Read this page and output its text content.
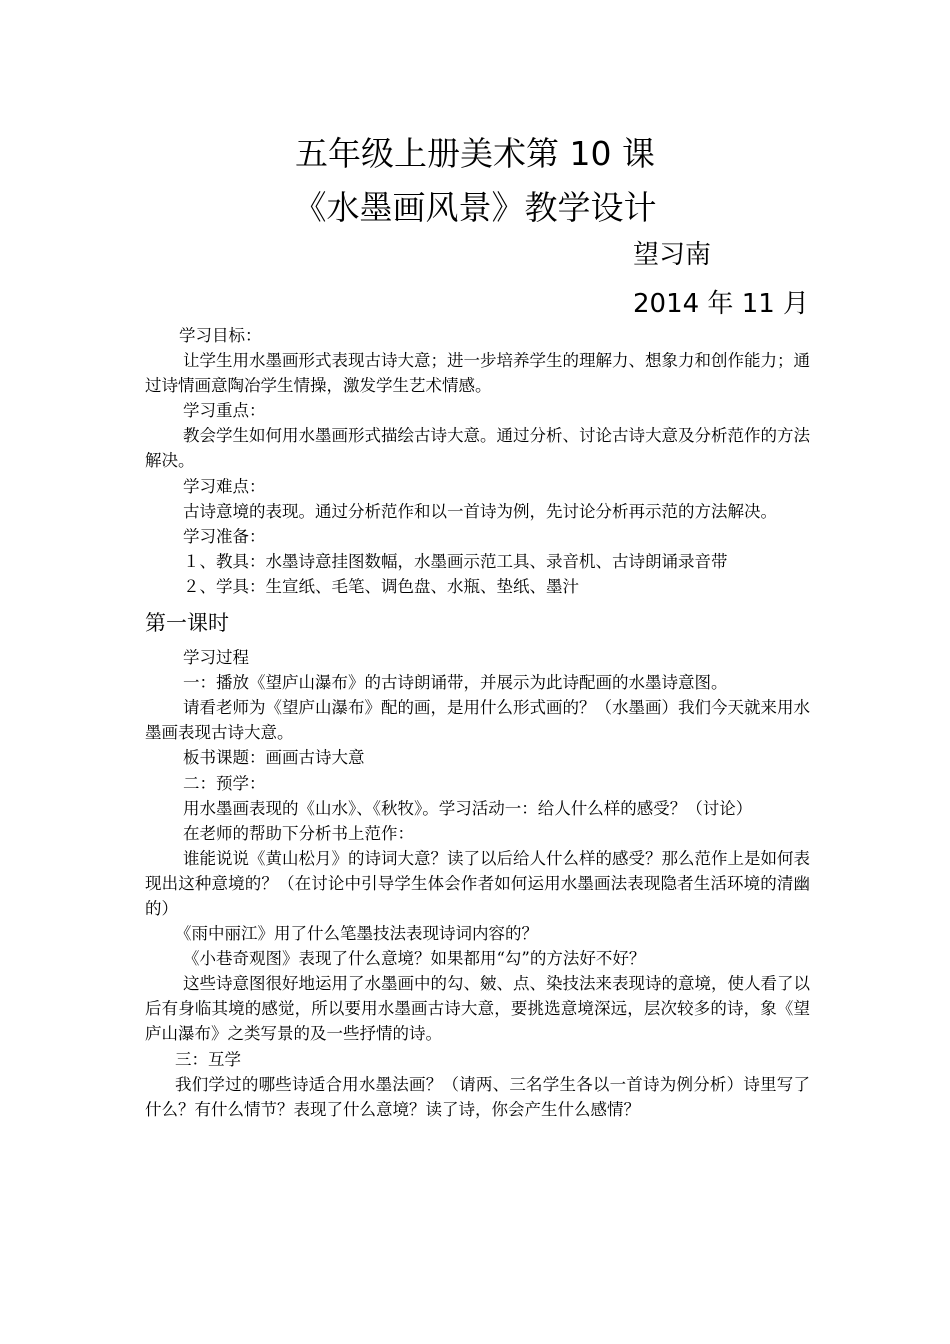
五年级上册美术第 10 课
《水墨画风景》教学设计
望习南
2014 年 11 月

学习目标：

让学生用水墨画形式表现古诗大意；进一步培养学生的理解力、想象力和创作能力；通过诗情画意陶冶学生情操，激发学生艺术情感。

学习重点：

教会学生如何用水墨画形式描绘古诗大意。通过分析、讨论古诗大意及分析范作的方法解决。

学习难点：

古诗意境的表现。通过分析范作和以一首诗为例，先讨论分析再示范的方法解决。

学习准备：

１、教具：水墨诗意挂图数幅，水墨画示范工具、录音机、古诗朗诵录音带

２、学具：生宣纸、毛笔、调色盘、水瓶、垫纸、墨汁

第一课时

学习过程

一：播放《望庐山瀑布》的古诗朗诵带，并展示为此诗配画的水墨诗意图。

请看老师为《望庐山瀑布》配的画，是用什么形式画的？（水墨画）我们今天就来用水墨画表现古诗大意。

板书课题：画画古诗大意

二：预学：

用水墨画表现的《山水》、《秋牧》。学习活动一：给人什么样的感受？（讨论）

在老师的帮助下分析书上范作：

谁能说说《黄山松月》的诗词大意？读了以后给人什么样的感受？那么范作上是如何表现出这种意境的？（在讨论中引导学生体会作者如何运用水墨画法表现隐者生活环境的清幽的）

《雨中丽江》用了什么笔墨技法表现诗词内容的？

《小巷奇观图》表现了什么意境？如果都用“勾”的方法好不好？

这些诗意图很好地运用了水墨画中的勾、皴、点、染技法来表现诗的意境，使人看了以后有身临其境的感觉，所以要用水墨画古诗大意，要挑选意境深远，层次较多的诗，象《望庐山瀑布》之类写景的及一些抒情的诗。

三：互学

我们学过的哪些诗适合用水墨法画？（请两、三名学生各以一首诗为例分析）诗里写了什么？有什么情节？表现了什么意境？读了诗，你会产生什么感情？
